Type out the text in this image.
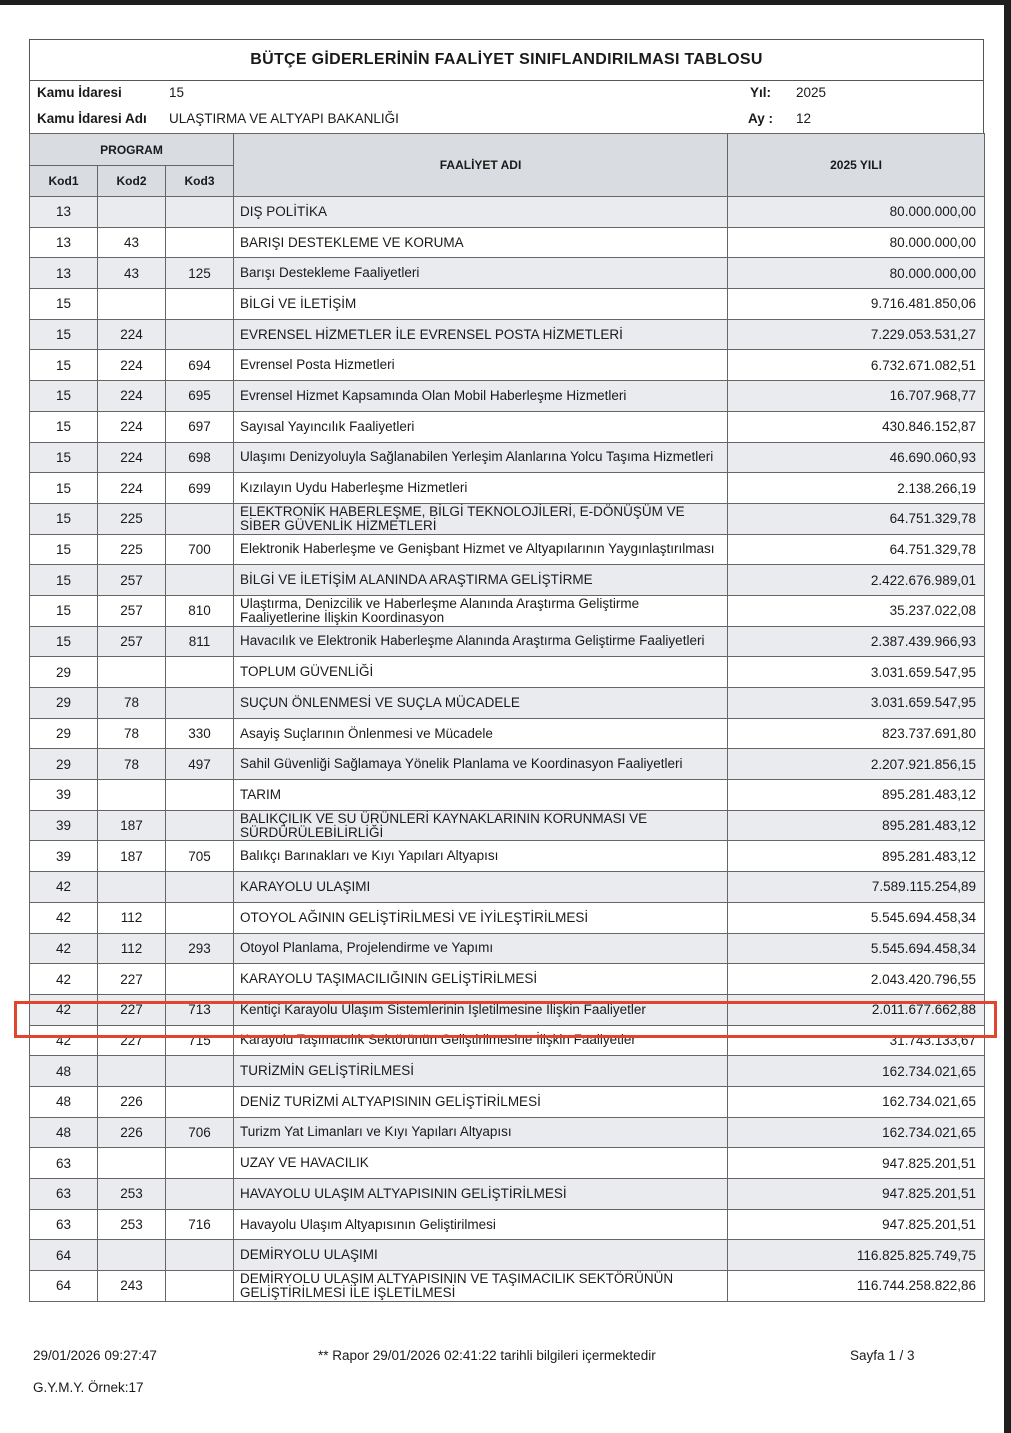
BÜTÇE GİDERLERİNİN FAALİYET SINIFLANDIRILMASI TABLOSU
Kamu İdaresi	15
Kamu İdaresi Adı ULAŞTIRMA VE ALTYAPI BAKANLIĞI
Yıl: 2025
Ay : 12
PROGRAM			FAALİYET ADI	2025 YILI
Kod1	Kod2	Kod3		
13			DIŞ POLİTİKA	80.000.000,00
13	43		BARIŞI DESTEKLEME VE KORUMA	80.000.000,00
13	43	125	Barışı Destekleme Faaliyetleri	80.000.000,00
15			BİLGİ VE İLETİŞİM	9.716.481.850,06
15	224		EVRENSEL HİZMETLER İLE EVRENSEL POSTA HİZMETLERİ	7.229.053.531,27
15	224	694	Evrensel Posta Hizmetleri	6.732.671.082,51
15	224	695	Evrensel Hizmet Kapsamında Olan Mobil Haberleşme Hizmetleri	16.707.968,77
15	224	697	Sayısal Yayıncılık Faaliyetleri	430.846.152,87
15	224	698	Ulaşımı Denizyoluyla Sağlanabilen Yerleşim Alanlarına Yolcu Taşıma Hizmetleri	46.690.060,93
15	224	699	Kızılayın Uydu Haberleşme Hizmetleri	2.138.266,19
15	225		ELEKTRONİK HABERLEŞME, BİLGİ TEKNOLOJİLERİ, E-DÖNÜŞÜM VE SİBER GÜVENLİK HİZMETLERİ	64.751.329,78
15	225	700	Elektronik Haberleşme ve Genişbant Hizmet ve Altyapılarının Yaygınlaştırılması	64.751.329,78
15	257		BİLGİ VE İLETİŞİM ALANINDA ARAŞTIRMA GELİŞTİRME	2.422.676.989,01
15	257	810	Ulaştırma, Denizcilik ve Haberleşme Alanında Araştırma Geliştirme Faaliyetlerine İlişkin Koordinasyon	35.237.022,08
15	257	811	Havacılık ve Elektronik Haberleşme Alanında Araştırma Geliştirme Faaliyetleri	2.387.439.966,93
29			TOPLUM GÜVENLİĞİ	3.031.659.547,95
29	78		SUÇUN ÖNLENMESİ VE SUÇLA MÜCADELE	3.031.659.547,95
29	78	330	Asayiş Suçlarının Önlenmesi ve Mücadele	823.737.691,80
29	78	497	Sahil Güvenliği Sağlamaya Yönelik Planlama ve Koordinasyon Faaliyetleri	2.207.921.856,15
39			TARIM	895.281.483,12
39	187		BALIKÇILIK VE SU ÜRÜNLERİ KAYNAKLARININ KORUNMASI VE SÜRDÜRÜLEBİLİRLİĞİ	895.281.483,12
39	187	705	Balıkçı Barınakları ve Kıyı Yapıları Altyapısı	895.281.483,12
42			KARAYOLU ULAŞIMI	7.589.115.254,89
42	112		OTOYOL AĞININ GELİŞTİRİLMESİ VE İYİLEŞTİRİLMESİ	5.545.694.458,34
42	112	293	Otoyol Planlama, Projelendirme ve Yapımı	5.545.694.458,34
42	227		KARAYOLU TAŞIMACILIĞININ GELİŞTİRİLMESİ	2.043.420.796,55
42	227	713	Kentiçi Karayolu Ulaşım Sistemlerinin İşletilmesine İlişkin Faaliyetler	2.011.677.662,88
42	227	715	Karayolu Taşımacılık Sektörünün Geliştirilmesine İlişkin Faaliyetler	31.743.133,67
48			TURİZMİN GELİŞTİRİLMESİ	162.734.021,65
48	226		DENİZ TURİZMİ ALTYAPISININ GELİŞTİRİLMESİ	162.734.021,65
48	226	706	Turizm Yat Limanları ve Kıyı Yapıları Altyapısı	162.734.021,65
63			UZAY VE HAVACILIK	947.825.201,51
63	253		HAVAYOLU ULAŞIM ALTYAPISININ GELİŞTİRİLMESİ	947.825.201,51
63	253	716	Havayolu Ulaşım Altyapısının Geliştirilmesi	947.825.201,51
64			DEMİRYOLU ULAŞIMI	116.825.825.749,75
64	243		DEMİRYOLU ULAŞIM ALTYAPISININ VE TAŞIMACILIK SEKTÖRÜNÜN GELİŞTİRİLMESİ İLE İŞLETİLMESİ	116.744.258.822,86
29/01/2026 09:27:47	** Rapor 29/01/2026 02:41:22 tarihli bilgileri içermektedir	Sayfa 1 / 3
G.Y.M.Y. Örnek:17
